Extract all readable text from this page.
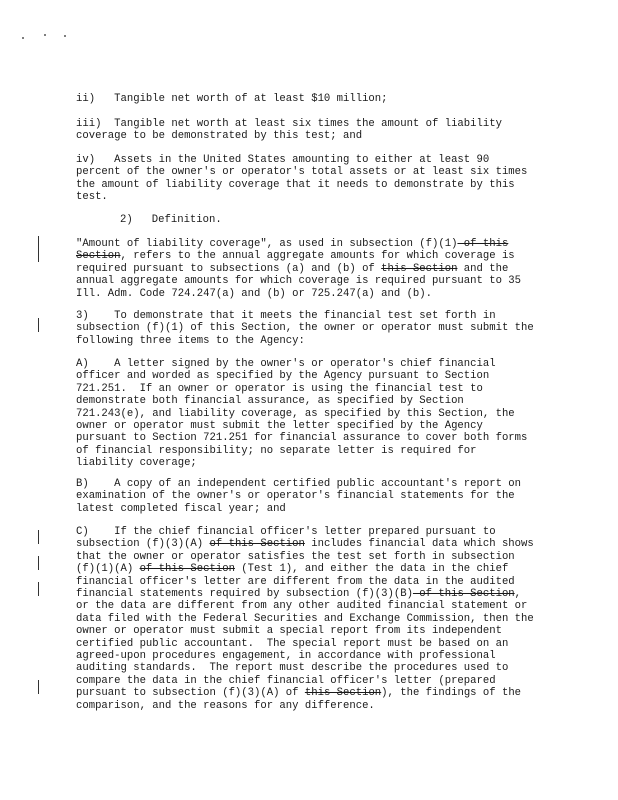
ii)   Tangible net worth of at least $10 million;

iii)  Tangible net worth at least six times the amount of liability
coverage to be demonstrated by this test; and

iv)   Assets in the United States amounting to either at least 90
percent of the owner's or operator's total assets or at least six times
the amount of liability coverage that it needs to demonstrate by this
test.

2)   Definition.

"Amount of liability coverage", as used in subsection (f)(1) of this
Section, refers to the annual aggregate amounts for which coverage is
required pursuant to subsections (a) and (b) of this Section and the
annual aggregate amounts for which coverage is required pursuant to 35
Ill. Adm. Code 724.247(a) and (b) or 725.247(a) and (b).

3)    To demonstrate that it meets the financial test set forth in
subsection (f)(1) of this Section, the owner or operator must submit the
following three items to the Agency:

A)    A letter signed by the owner's or operator's chief financial
officer and worded as specified by the Agency pursuant to Section
721.251.  If an owner or operator is using the financial test to
demonstrate both financial assurance, as specified by Section
721.243(e), and liability coverage, as specified by this Section, the
owner or operator must submit the letter specified by the Agency
pursuant to Section 721.251 for financial assurance to cover both forms
of financial responsibility; no separate letter is required for
liability coverage;

B)    A copy of an independent certified public accountant's report on
examination of the owner's or operator's financial statements for the
latest completed fiscal year; and

C)    If the chief financial officer's letter prepared pursuant to
subsection (f)(3)(A) of this Section includes financial data which shows
that the owner or operator satisfies the test set forth in subsection
(f)(1)(A) of this Section (Test 1), and either the data in the chief
financial officer's letter are different from the data in the audited
financial statements required by subsection (f)(3)(B) of this Section,
or the data are different from any other audited financial statement or
data filed with the Federal Securities and Exchange Commission, then the
owner or operator must submit a special report from its independent
certified public accountant.  The special report must be based on an
agreed-upon procedures engagement, in accordance with professional
auditing standards.  The report must describe the procedures used to
compare the data in the chief financial officer's letter (prepared
pursuant to subsection (f)(3)(A) of this Section), the findings of the
comparison, and the reasons for any difference.
